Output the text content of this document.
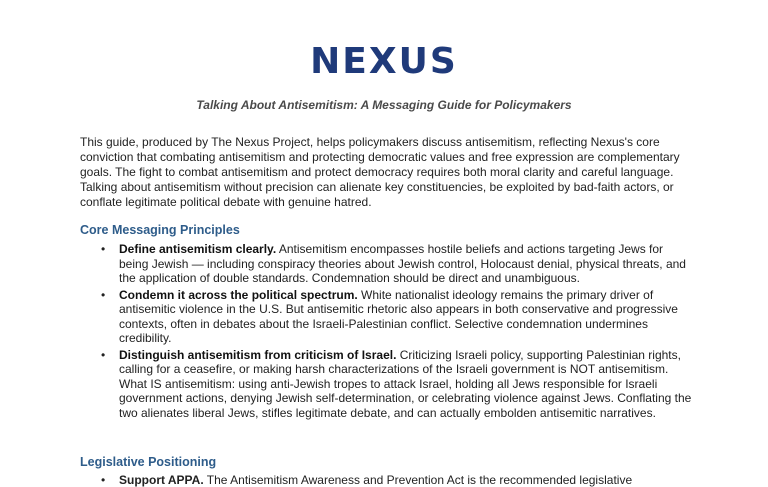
NEXUS
Talking About Antisemitism: A Messaging Guide for Policymakers

This guide, produced by The Nexus Project, helps policymakers discuss antisemitism, reflecting Nexus's core conviction that combating antisemitism and protecting democratic values and free expression are complementary goals. The fight to combat antisemitism and protect democracy requires both moral clarity and careful language. Talking about antisemitism without precision can alienate key constituencies, be exploited by bad-faith actors, or conflate legitimate political debate with genuine hatred.

Core Messaging Principles
• Define antisemitism clearly. Antisemitism encompasses hostile beliefs and actions targeting Jews for being Jewish — including conspiracy theories about Jewish control, Holocaust denial, physical threats, and the application of double standards. Condemnation should be direct and unambiguous.
• Condemn it across the political spectrum. White nationalist ideology remains the primary driver of antisemitic violence in the U.S. But antisemitic rhetoric also appears in both conservative and progressive contexts, often in debates about the Israeli-Palestinian conflict. Selective condemnation undermines credibility.
• Distinguish antisemitism from criticism of Israel. Criticizing Israeli policy, supporting Palestinian rights, calling for a ceasefire, or making harsh characterizations of the Israeli government is NOT antisemitism. What IS antisemitism: using anti-Jewish tropes to attack Israel, holding all Jews responsible for Israeli government actions, denying Jewish self-determination, or celebrating violence against Jews. Conflating the two alienates liberal Jews, stifles legitimate debate, and can actually embolden antisemitic narratives.
Legislative Positioning
• Support APPA. The Antisemitism Awareness and Prevention Act is the recommended legislative
